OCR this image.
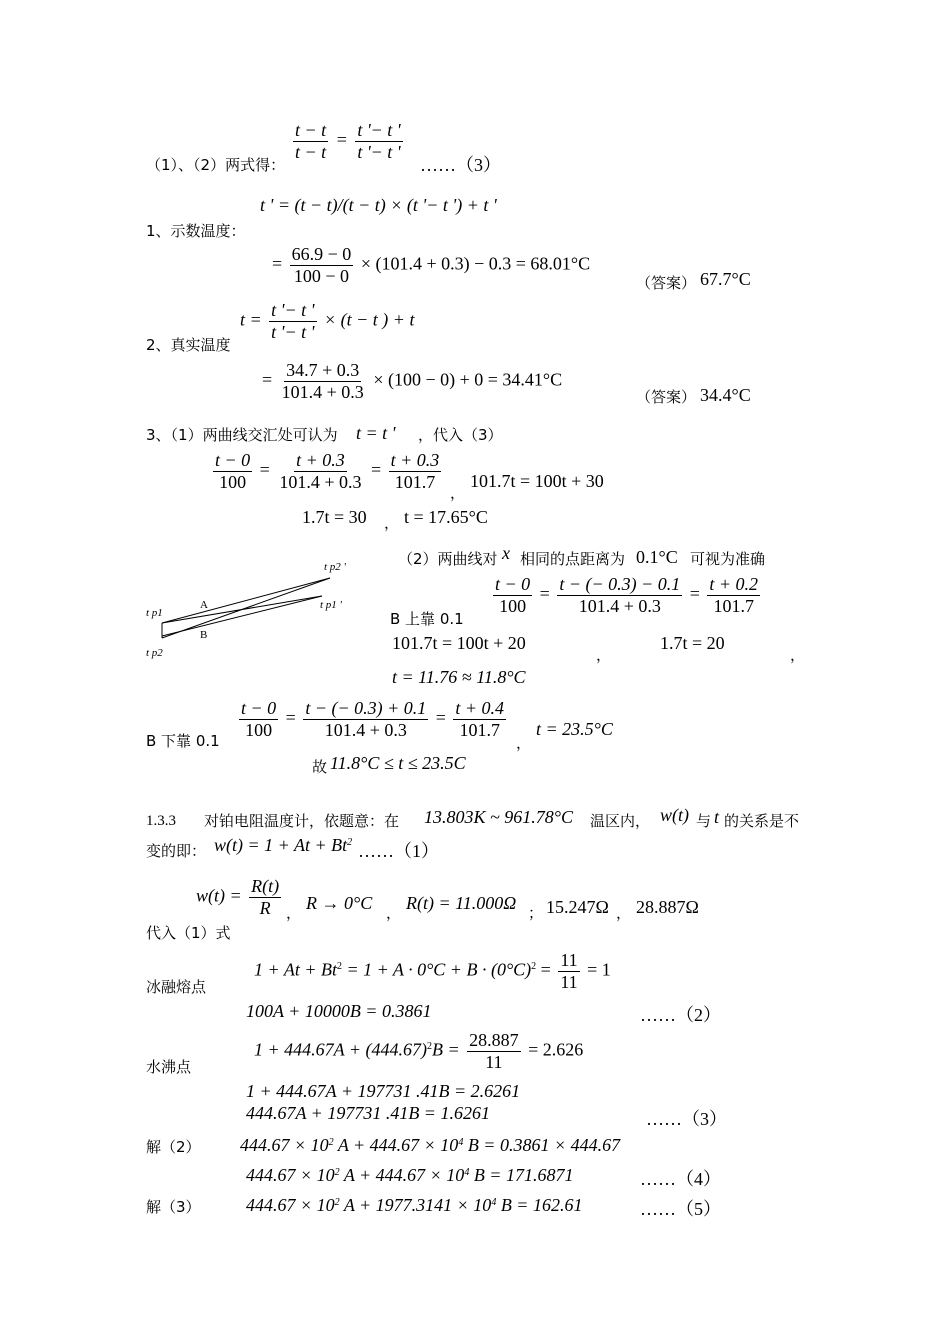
（1）、（2）两式得：
$\frac{t - t}{t - t} = \frac{t '- t '}{t '- t '}$
……（3）
t ' = (t − t)/(t − t) × (t '− t ') + t '
1、示数温度：
= $\frac{66.9 - 0}{100 - 0} \times (101.4 + 0.3) - 0.3 = 68.01^\circ C$
（答案） 67.7°C
$t = \frac{t '- t '}{t '- t '} \times (t - t$ ) + t
2、真实温度
= $\frac{34.7 + 0.3}{101.4 + 0.3} \times (100 - 0) + 0 = 34.41^\circ C$
（答案） 34.4°C
3、（1）两曲线交汇处可认为 t = t ' ，代入（3）
$\frac{t - 0}{100} = \frac{t + 0.3}{101.4 + 0.3} = \frac{t + 0.3}{101.7}$
，
101.7t = 100t + 30
1.7t = 30 ， t = 17.65°C
（2）两曲线对 x 相同的点距离为 0.1°C 可视为准确
t p2 '
t p1
A
B
t p1 '
t p2
$\frac{t - 0}{100} = \frac{t - (- 0.3) - 0.1}{101.4 + 0.3} = \frac{t + 0.2}{101.7}$
B 上靠 0.1
101.7t = 100t + 20
，
1.7t = 20
，
t = 11.76 ≈ 11.8°C
B 下靠 0.1
$\frac{t - 0}{100} = \frac{t - (- 0.3) + 0.1}{101.4 + 0.3} = \frac{t + 0.4}{101.7}$
，
t = 23.5°C
故 11.8°C ≤ t ≤ 23.5C
1.3.3 对铂电阻温度计，依题意：在 13.803K ~ 961.78°C 温区内， w(t) 与 t 的关系是不
变的即： $w(t) = 1 + At + Bt^2$ ……（1）
$w(t) = \frac{R(t)}{R}$ ， R → 0°C ， R(t) = 11.000Ω ； 15.247Ω ， 28.887Ω
代入（1）式
$1 + At + Bt^2 = 1 + A \cdot 0^\circ C + B \cdot (0^\circ C)^2 = \frac{11}{11} = 1$
冰融熔点
100A + 10000B = 0.3861	……（2）
$1 + 444.67A + (444.67)^2B = \frac{28.887}{11} = 2.626$
水沸点
1 + 444.67A + 197731 .41B = 2.6261
444.67A + 197731 .41B = 1.6261	……（3）
解（2） $444.67 \times 10^2$ $A + 444.67 \times 10^4$ B = 0.3861 × 444.67
$444.67 \times 10^2$ $A + 444.67 \times 10^4$ B = 171.6871	……（4）
解（3）	$444.67 \times 10^2$ $A + 1977.3141 \times 10^4$ B = 162.61	……（5）
